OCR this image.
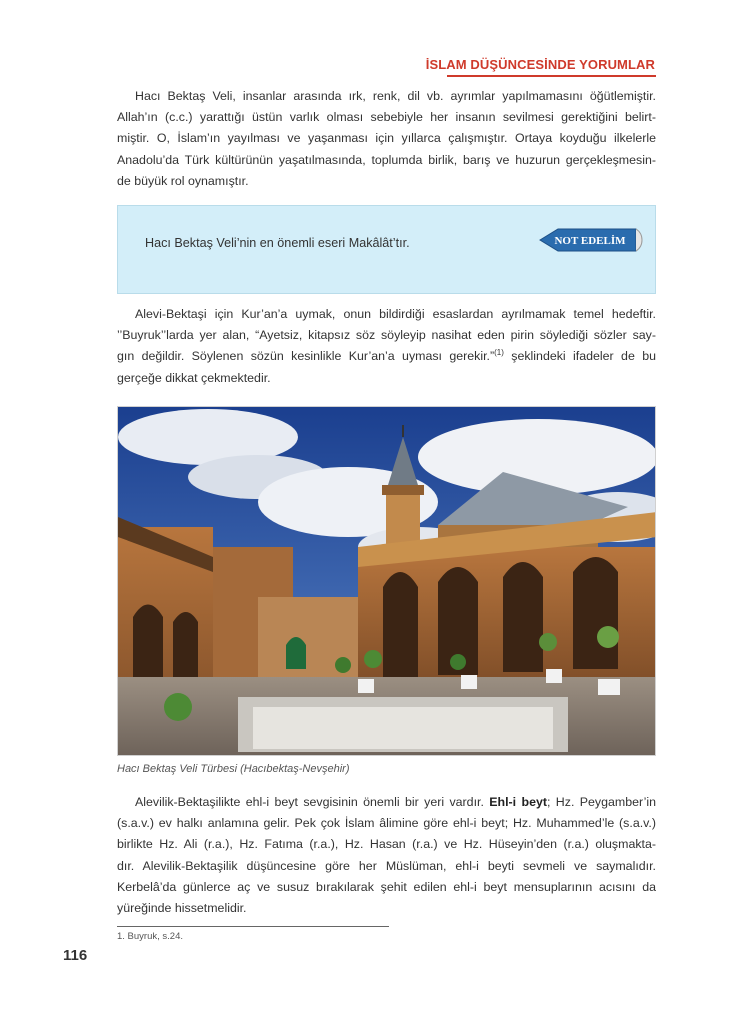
İSLAM DÜŞÜNCESİNDE YORUMLAR
Hacı Bektaş Veli, insanlar arasında ırk, renk, dil vb. ayrımlar yapılmamasını öğütlemiştir.
Allah’ın (c.c.) yarattığı üstün varlık olması sebebiyle her insanın sevilmesi gerektiğini belirt-
miştir. O, İslam’ın yayılması ve yaşanması için yıllarca çalışmıştır. Ortaya koyduğu ilkelerle
Anadolu’da Türk kültürünün yaşatılmasında, toplumda birlik, barış ve huzurun gerçekleşmesin-
de büyük rol oynamıştır.
Hacı Bektaş Veli’nin en önemli eseri Makâlât’tır.	NOT EDELİM
Alevi-Bektaşi için Kur’an’a uymak, onun bildirdiği esaslardan ayrılmamak temel hedeftir.
’’Buyruk’’larda yer alan, “Ayetsiz, kitapsız söz söyleyip nasihat eden pirin söylediği sözler say-
gın değildir. Söylenen sözün kesinlikle Kur’an’a uyması gerekir.”$^{(1)}$ şeklindeki ifadeler de bu
gerçeğe dikkat çekmektedir.
Hacı Bektaş Veli Türbesi (Hacıbektaş-Nevşehir)
Alevilik-Bektaşilikte ehl-i beyt sevgisinin önemli bir yeri vardır. Ehl-i beyt; Hz. Peygamber’in
(s.a.v.) ev halkı anlamına gelir. Pek çok İslam âlimine göre ehl-i beyt; Hz. Muhammed’le (s.a.v.)
birlikte Hz. Ali (r.a.), Hz. Fatıma (r.a.), Hz. Hasan (r.a.) ve Hz. Hüseyin’den (r.a.) oluşmakta-
dır. Alevilik-Bektaşilik düşüncesine göre her Müslüman, ehl-i beyti sevmeli ve saymalıdır.
Kerbelâ’da günlerce aç ve susuz bırakılarak şehit edilen ehl-i beyt mensuplarının acısını da
yüreğinde hissetmelidir.
1. Buyruk, s.24.
116
